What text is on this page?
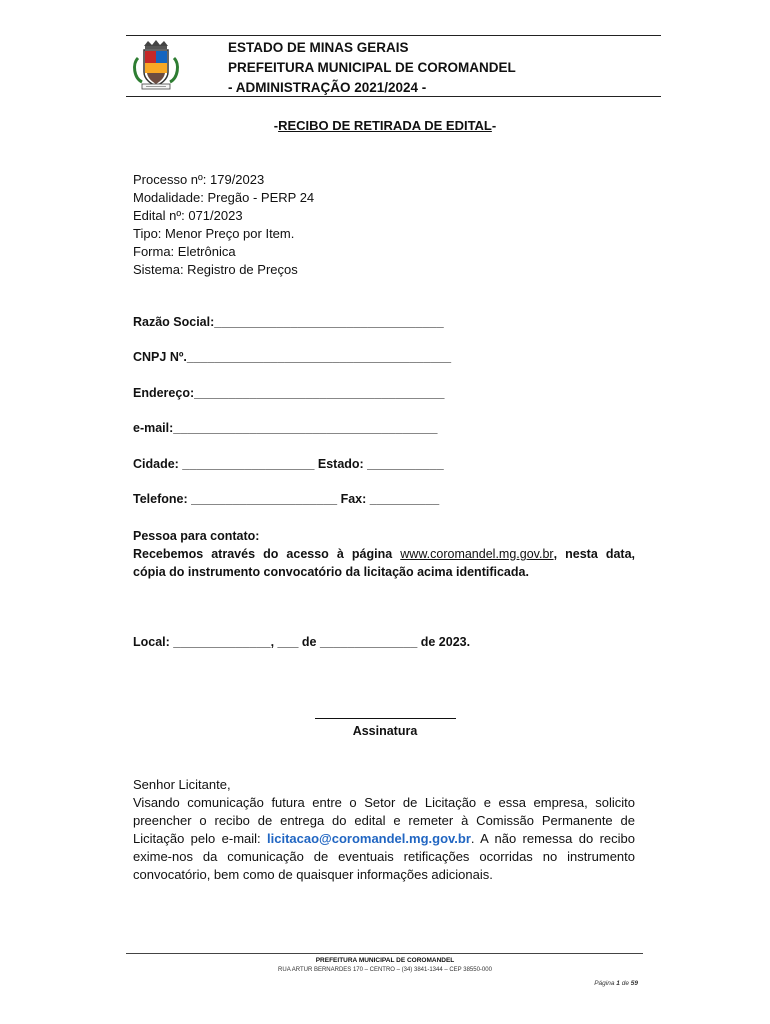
ESTADO DE MINAS GERAIS
PREFEITURA MUNICIPAL DE COROMANDEL
- ADMINISTRAÇÃO 2021/2024 -
-RECIBO DE RETIRADA DE EDITAL-
Processo nº: 179/2023
Modalidade: Pregão - PERP 24
Edital nº: 071/2023
Tipo: Menor Preço por Item.
Forma: Eletrônica
Sistema: Registro de Preços
Razão Social:_________________________________
CNPJ Nº.______________________________________
Endereço:____________________________________
e-mail:______________________________________
Cidade: ___________________ Estado: ___________
Telefone: _____________________ Fax: __________
Pessoa para contato:
Recebemos através do acesso à página www.coromandel.mg.gov.br, nesta data,
cópia do instrumento convocatório da licitação acima identificada.
Local: ______________, ___ de ______________ de 2023.
Assinatura
Senhor Licitante,
Visando comunicação futura entre o Setor de Licitação e essa empresa, solicito preencher o recibo de entrega do edital e remeter à Comissão Permanente de Licitação pelo e-mail: licitacao@coromandel.mg.gov.br. A não remessa do recibo exime-nos da comunicação de eventuais retificações ocorridas no instrumento convocatório, bem como de quaisquer informações adicionais.
PREFEITURA MUNICIPAL DE COROMANDEL
RUA ARTUR BERNARDES 170 – CENTRO – (34) 3841-1344 – CEP 38550-000
Página 1 de 59
